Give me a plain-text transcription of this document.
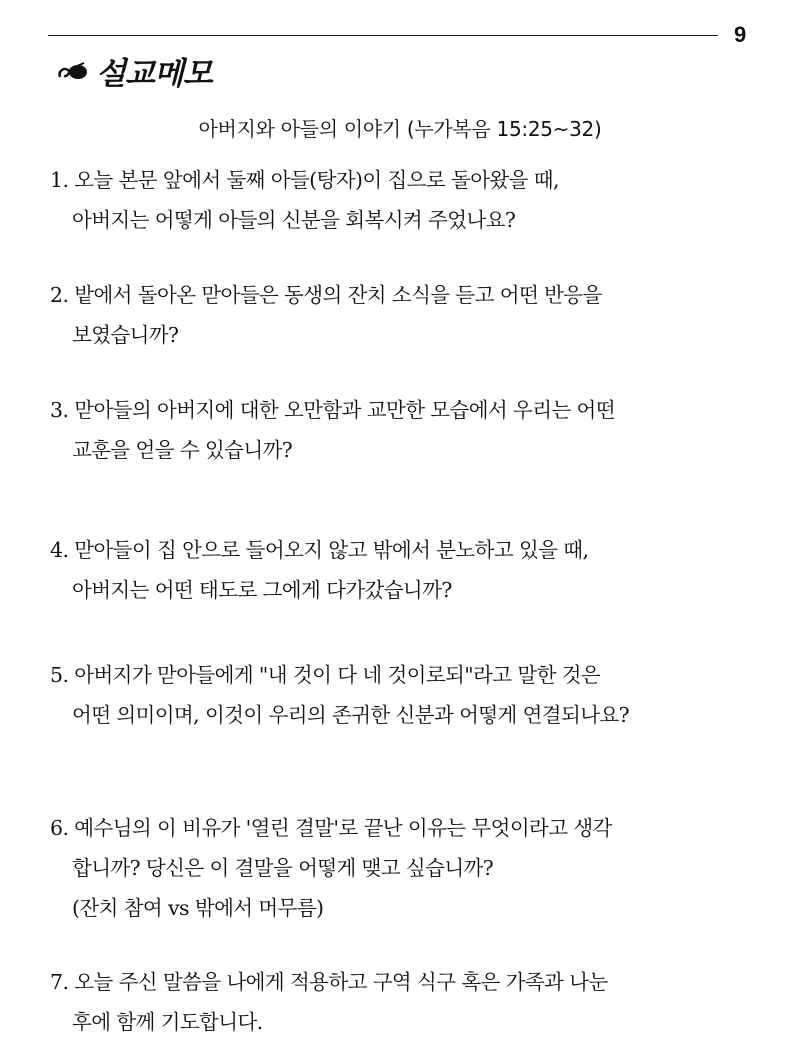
9
설교메모
아버지와 아들의 이야기 (누가복음 15:25~32)
1. 오늘 본문 앞에서 둘째 아들(탕자)이 집으로 돌아왔을 때,
아버지는 어떻게 아들의 신분을 회복시켜 주었나요?
2. 밭에서 돌아온 맏아들은 동생의 잔치 소식을 듣고 어떤 반응을
보였습니까?
3. 맏아들의 아버지에 대한 오만함과 교만한 모습에서 우리는 어떤
교훈을 얻을 수 있습니까?
4. 맏아들이 집 안으로 들어오지 않고 밖에서 분노하고 있을 때,
아버지는 어떤 태도로 그에게 다가갔습니까?
5. 아버지가 맏아들에게 "내 것이 다 네 것이로되"라고 말한 것은
어떤 의미이며, 이것이 우리의 존귀한 신분과 어떻게 연결되나요?
6. 예수님의 이 비유가 '열린 결말'로 끝난 이유는 무엇이라고 생각
합니까? 당신은 이 결말을 어떻게 맺고 싶습니까?
(잔치 참여 vs 밖에서 머무름)
7. 오늘 주신 말씀을 나에게 적용하고 구역 식구 혹은 가족과 나눈
후에 함께 기도합니다.
